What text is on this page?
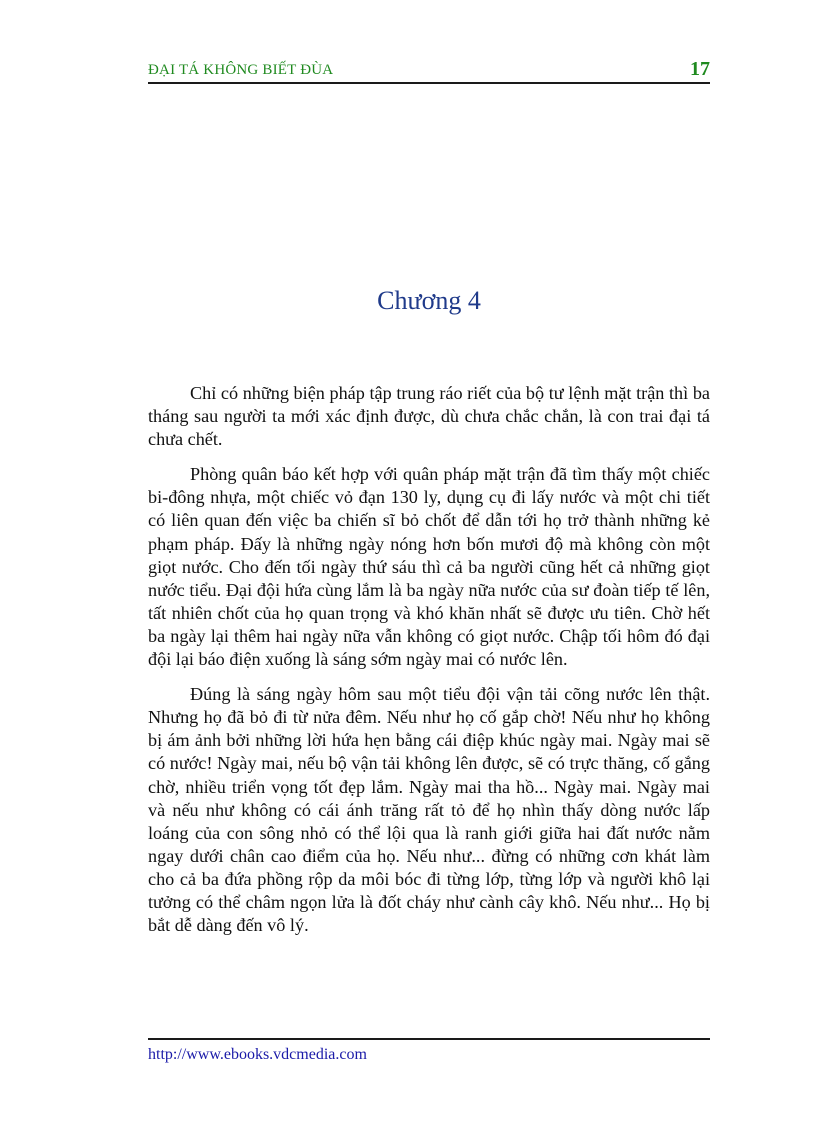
ĐẠI TÁ KHÔNG BIẾT ĐÙA	17
Chương 4

Chỉ có những biện pháp tập trung ráo riết của bộ tư lệnh mặt trận thì ba tháng sau người ta mới xác định được, dù chưa chắc chắn, là con trai đại tá chưa chết.

Phòng quân báo kết hợp với quân pháp mặt trận đã tìm thấy một chiếc bi-đông nhựa, một chiếc vỏ đạn 130 ly, dụng cụ đi lấy nước và một chi tiết có liên quan đến việc ba chiến sĩ bỏ chốt để dẫn tới họ trở thành những kẻ phạm pháp. Đấy là những ngày nóng hơn bốn mươi độ mà không còn một giọt nước. Cho đến tối ngày thứ sáu thì cả ba người cũng hết cả những giọt nước tiểu. Đại đội hứa cùng lắm là ba ngày nữa nước của sư đoàn tiếp tế lên, tất nhiên chốt của họ quan trọng và khó khăn nhất sẽ được ưu tiên. Chờ hết ba ngày lại thêm hai ngày nữa vẫn không có giọt nước. Chập tối hôm đó đại đội lại báo điện xuống là sáng sớm ngày mai có nước lên.

Đúng là sáng ngày hôm sau một tiểu đội vận tải cõng nước lên thật. Nhưng họ đã bỏ đi từ nửa đêm. Nếu như họ cố gắp chờ! Nếu như họ không bị ám ảnh bởi những lời hứa hẹn bằng cái điệp khúc ngày mai. Ngày mai sẽ có nước! Ngày mai, nếu bộ vận tải không lên được, sẽ có trực thăng, cố gắng chờ, nhiều triển vọng tốt đẹp lắm. Ngày mai tha hồ... Ngày mai. Ngày mai và nếu như không có cái ánh trăng rất tỏ để họ nhìn thấy dòng nước lấp loáng của con sông nhỏ có thể lội qua là ranh giới giữa hai đất nước nằm ngay dưới chân cao điểm của họ. Nếu như... đừng có những cơn khát làm cho cả ba đứa phồng rộp da môi bóc đi từng lớp, từng lớp và người khô lại tưởng có thể châm ngọn lửa là đốt cháy như cành cây khô. Nếu như... Họ bị bắt dễ dàng đến vô lý.

http://www.ebooks.vdcmedia.com
